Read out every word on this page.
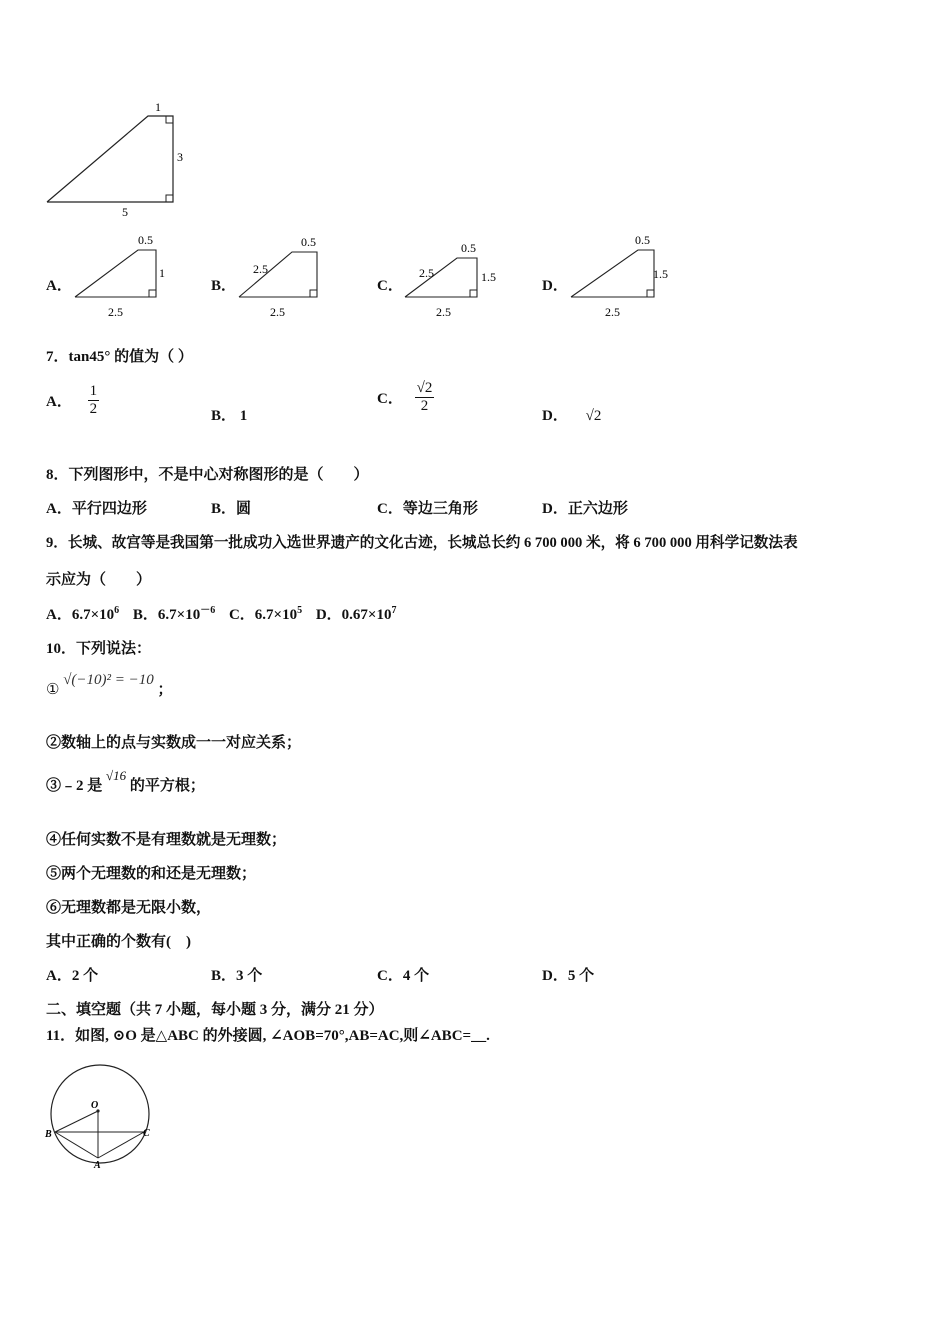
1
3
5
A．
0.5
1
2.5
B．
0.5
2.5
2.5
C．
0.5
2.5	1.5
2.5
D．
0.5
1.5
2.5
7．tan45° 的值为（ ）
A． $\frac{1}{2}$	B． 1
C． $\frac{√2}{2}$
D． √2
8．下列图形中，不是中心对称图形的是（　　）
A．平行四边形	B．圆	C．等边三角形	D．正六边形
9．长城、故宫等是我国第一批成功入选世界遗产的文化古迹，长城总长约 6 700 000 米，将 6 700 000 用科学记数法表
示应为（　　）
A．$6.7\times 10^6$ B．$6.7\times 10^{-6}$ C．$6.7\times 10^5$ D．$0.67\times 10^7$
10．下列说法：
① √(−10)² = −10 ；
②数轴上的点与实数成一一对应关系；
③﹣2 是 √16 的平方根；
④任何实数不是有理数就是无理数；
⑤两个无理数的和还是无理数；
⑥无理数都是无限小数，
其中正确的个数有(　)
A．2 个	B．3 个	C．4 个	D．5 个
二、填空题（共 7 小题，每小题 3 分，满分 21 分）
11．如图, ⊙O 是△ABC 的外接圆, ∠AOB=70°,AB=AC,则∠ABC=__.
O
B	C
A
